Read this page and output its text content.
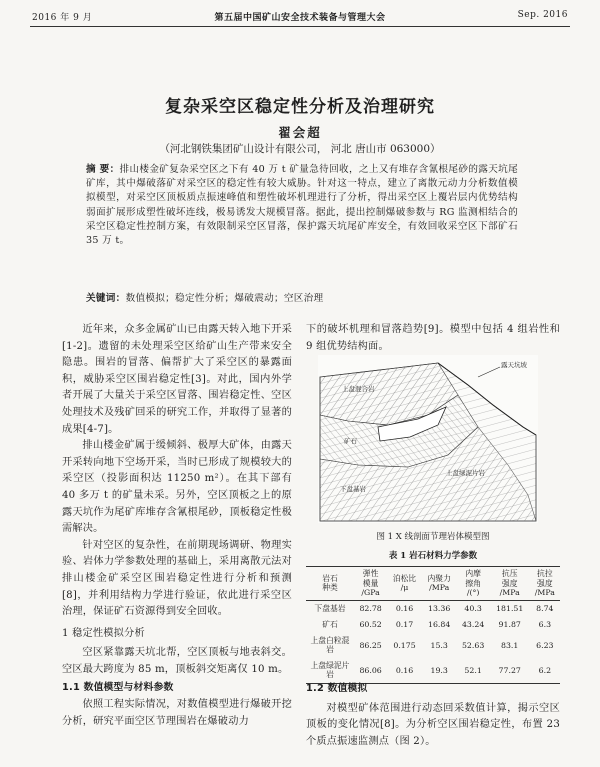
2016 年 9 月	第五届中国矿山安全技术装备与管理大会	Sep. 2016
复杂采空区稳定性分析及治理研究
翟会超
（河北钢铁集团矿山设计有限公司， 河北 唐山市 063000）
摘 要：排山楼金矿复杂采空区之下有 40 万 t 矿量急待回收，之上又有堆存含氰根尾砂的露天坑尾矿库，其中爆破落矿对采空区的稳定性有较大威胁。针对这一特点，建立了离散元动力分析数值模拟模型，对采空区顶板质点振速峰值和塑性破坏机理进行了分析，得出采空区上覆岩层内优势结构弱面扩展形成塑性破坏连线，极易诱发大规模冒落。据此，提出控制爆破参数与 RG 监测相结合的采空区稳定性控制方案，有效限制采空区冒落，保护露天坑尾矿库安全，有效回收采空区下部矿石 35 万 t。
关键词：数值模拟；稳定性分析；爆破震动；空区治理

近年来，众多金属矿山已由露天转入地下开采[1-2]。遗留的未处理采空区给矿山生产带来安全隐患。围岩的冒落、偏帮扩大了采空区的暴露面积，威胁采空区围岩稳定性[3]。对此，国内外学者开展了大量关于采空区冒落、围岩稳定性、空区处理技术及残矿回采的研究工作，并取得了显著的成果[4-7]。

排山楼金矿属于缓倾斜、极厚大矿体，由露天开采转向地下空场开采，当时已形成了规模较大的采空区（投影面积达 11250 m²）。在其下部有 40 多万 t 的矿量未采。另外，空区顶板之上的原露天坑作为尾矿库堆存含氰根尾砂，顶板稳定性极需解决。

针对空区的复杂性，在前期现场调研、物理实验、岩体力学参数处理的基础上，采用离散元法对排山楼金矿采空区围岩稳定性进行分析和预测[8]，并利用结构力学进行验证，依此进行采空区治理，保证矿石资源得到安全回收。

1 稳定性模拟分析

空区紧靠露天坑北帮，空区顶板与地表斜交。空区最大跨度为 85 m，顶板斜交矩离仅 10 m。

1.1 数值模型与材料参数

依照工程实际情况，对数值模型进行爆破开挖分析，研究平面空区节理围岩在爆破动力

下的破坏机理和冒落趋势[9]。模型中包括 4 组岩性和 9 组优势结构面。

露天坑坡
上盘混合岩
矿石
下盘基岩
上盘绿泥片岩
图 1 X 线剖面节理岩体模型图
表 1 岩石材料力学参数
岩石
种类	弹性
模量
/GPa	泊松比
/μ	内聚力
/MPa	内摩
擦角
/(°)	抗压
强度
/MPa	抗拉
强度
/MPa
下盘基岩	82.78	0.16	13.36	40.3	181.51	8.74
矿石	60.52	0.17	16.84	43.24	91.87	6.3
上盘白粒混岩	86.25	0.175	15.3	52.63	83.1	6.23
上盘绿泥片岩	86.06	0.16	19.3	52.1	77.27	6.2

1.2 数值模拟

对模型矿体范围进行动态回采数值计算，揭示空区顶板的变化情况[8]。为分析空区围岩稳定性，布置 23 个质点振速监测点（图 2）。
